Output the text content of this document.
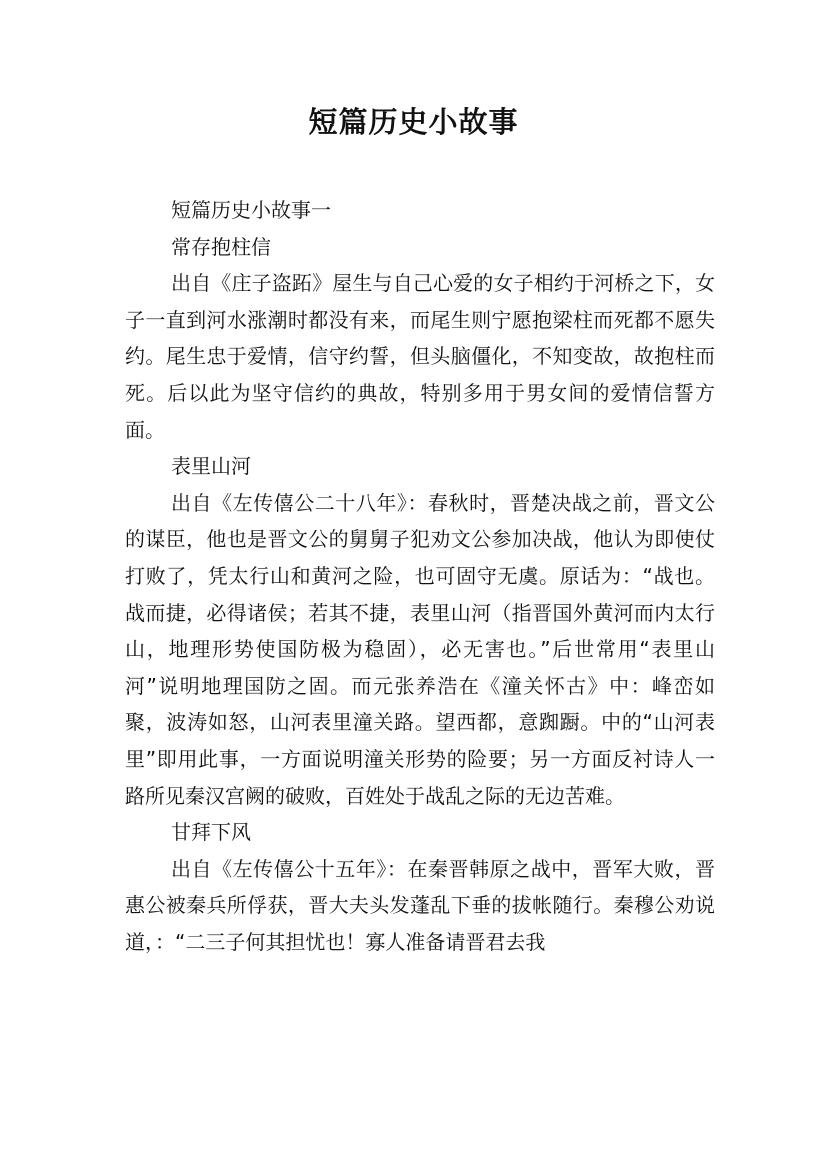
短篇历史小故事

短篇历史小故事一

常存抱柱信

出自《庄子盗跖》屋生与自己心爱的女子相约于河桥之下，女子一直到河水涨潮时都没有来，而尾生则宁愿抱梁柱而死都不愿失约。尾生忠于爱情，信守约誓，但头脑僵化，不知变故，故抱柱而死。后以此为坚守信约的典故，特别多用于男女间的爱情信誓方面。

表里山河

出自《左传僖公二十八年》：春秋时，晋楚决战之前，晋文公的谋臣，他也是晋文公的舅舅子犯劝文公参加决战，他认为即使仗打败了，凭太行山和黄河之险，也可固守无虞。原话为：“战也。战而捷，必得诸侯；若其不捷，表里山河（指晋国外黄河而内太行山，地理形势使国防极为稳固），必无害也。”后世常用“表里山河”说明地理国防之固。而元张养浩在《潼关怀古》中：峰峦如聚，波涛如怒，山河表里潼关路。望西都，意踟蹰。中的“山河表里”即用此事，一方面说明潼关形势的险要；另一方面反衬诗人一路所见秦汉宫阙的破败，百姓处于战乱之际的无边苦难。

甘拜下风

出自《左传僖公十五年》：在秦晋韩原之战中，晋军大败，晋惠公被秦兵所俘获，晋大夫头发蓬乱下垂的拔帐随行。秦穆公劝说道，：“二三子何其担忧也！寡人准备请晋君去我
